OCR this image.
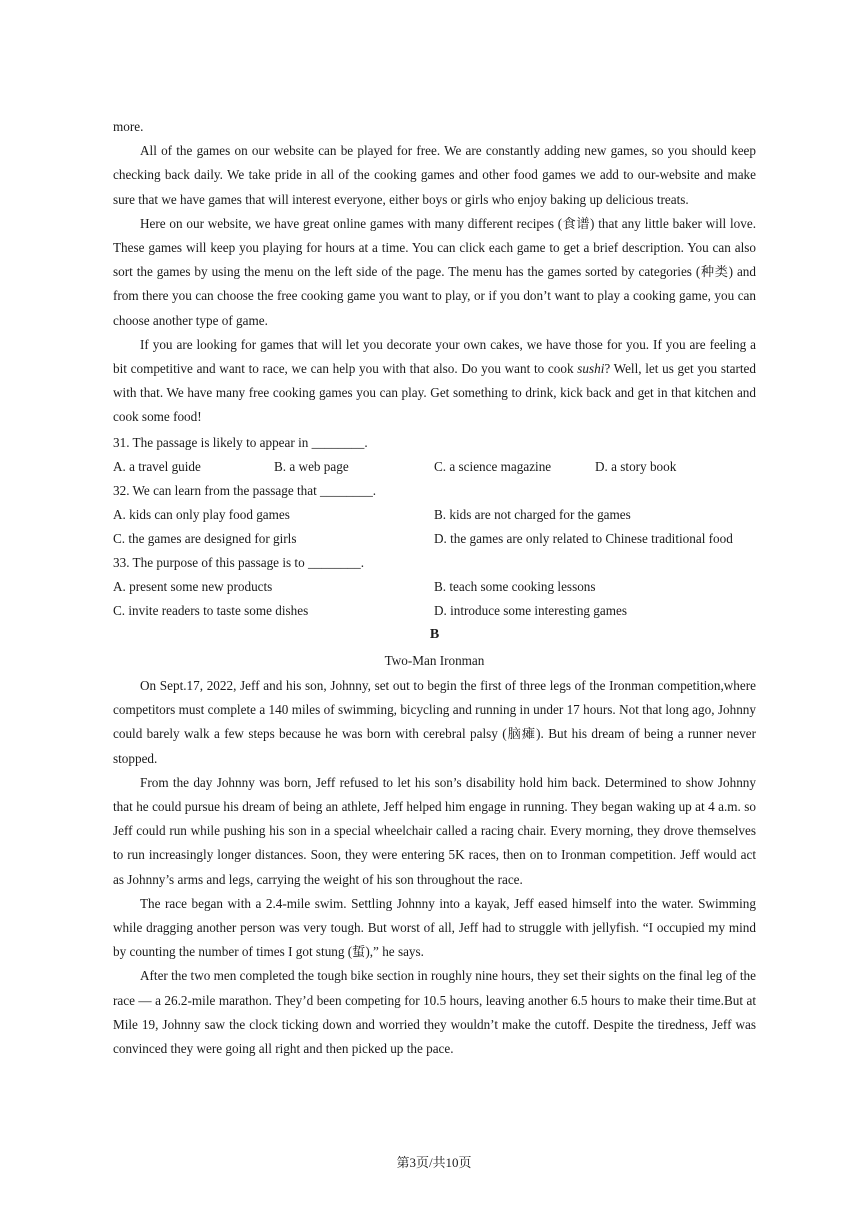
more.

All of the games on our website can be played for free. We are constantly adding new games, so you should keep checking back daily. We take pride in all of the cooking games and other food games we add to our-website and make sure that we have games that will interest everyone, either boys or girls who enjoy baking up delicious treats.

Here on our website, we have great online games with many different recipes (食谱) that any little baker will love. These games will keep you playing for hours at a time. You can click each game to get a brief description. You can also sort the games by using the menu on the left side of the page. The menu has the games sorted by categories (种类) and from there you can choose the free cooking game you want to play, or if you don’t want to play a cooking game, you can choose another type of game.

If you are looking for games that will let you decorate your own cakes, we have those for you. If you are feeling a bit competitive and want to race, we can help you with that also. Do you want to cook sushi? Well, let us get you started with that. We have many free cooking games you can play. Get something to drink, kick back and get in that kitchen and cook some food!

31. The passage is likely to appear in ________.
A. a travel guide	B. a web page	C. a science magazine	D. a story book
32. We can learn from the passage that ________.
A. kids can only play food games	B. kids are not charged for the games
C. the games are designed for girls	D. the games are only related to Chinese traditional food
33. The purpose of this passage is to ________.
A. present some new products	B. teach some cooking lessons
C. invite readers to taste some dishes	D. introduce some interesting games
B
Two-Man Ironman

On Sept.17, 2022, Jeff and his son, Johnny, set out to begin the first of three legs of the Ironman competition,where competitors must complete a 140 miles of swimming, bicycling and running in under 17 hours. Not that long ago, Johnny could barely walk a few steps because he was born with cerebral palsy (脑瘫). But his dream of being a runner never stopped.

From the day Johnny was born, Jeff refused to let his son’s disability hold him back. Determined to show Johnny that he could pursue his dream of being an athlete, Jeff helped him engage in running. They began waking up at 4 a.m. so Jeff could run while pushing his son in a special wheelchair called a racing chair. Every morning, they drove themselves to run increasingly longer distances. Soon, they were entering 5K races, then on to Ironman competition. Jeff would act as Johnny’s arms and legs, carrying the weight of his son throughout the race.

The race began with a 2.4-mile swim. Settling Johnny into a kayak, Jeff eased himself into the water. Swimming while dragging another person was very tough. But worst of all, Jeff had to struggle with jellyfish. “I occupied my mind by counting the number of times I got stung (蜇),” he says.

After the two men completed the tough bike section in roughly nine hours, they set their sights on the final leg of the race — a 26.2-mile marathon. They’d been competing for 10.5 hours, leaving another 6.5 hours to make their time.But at Mile 19, Johnny saw the clock ticking down and worried they wouldn’t make the cutoff. Despite the tiredness, Jeff was convinced they were going all right and then picked up the pace.

第3页/共10页
